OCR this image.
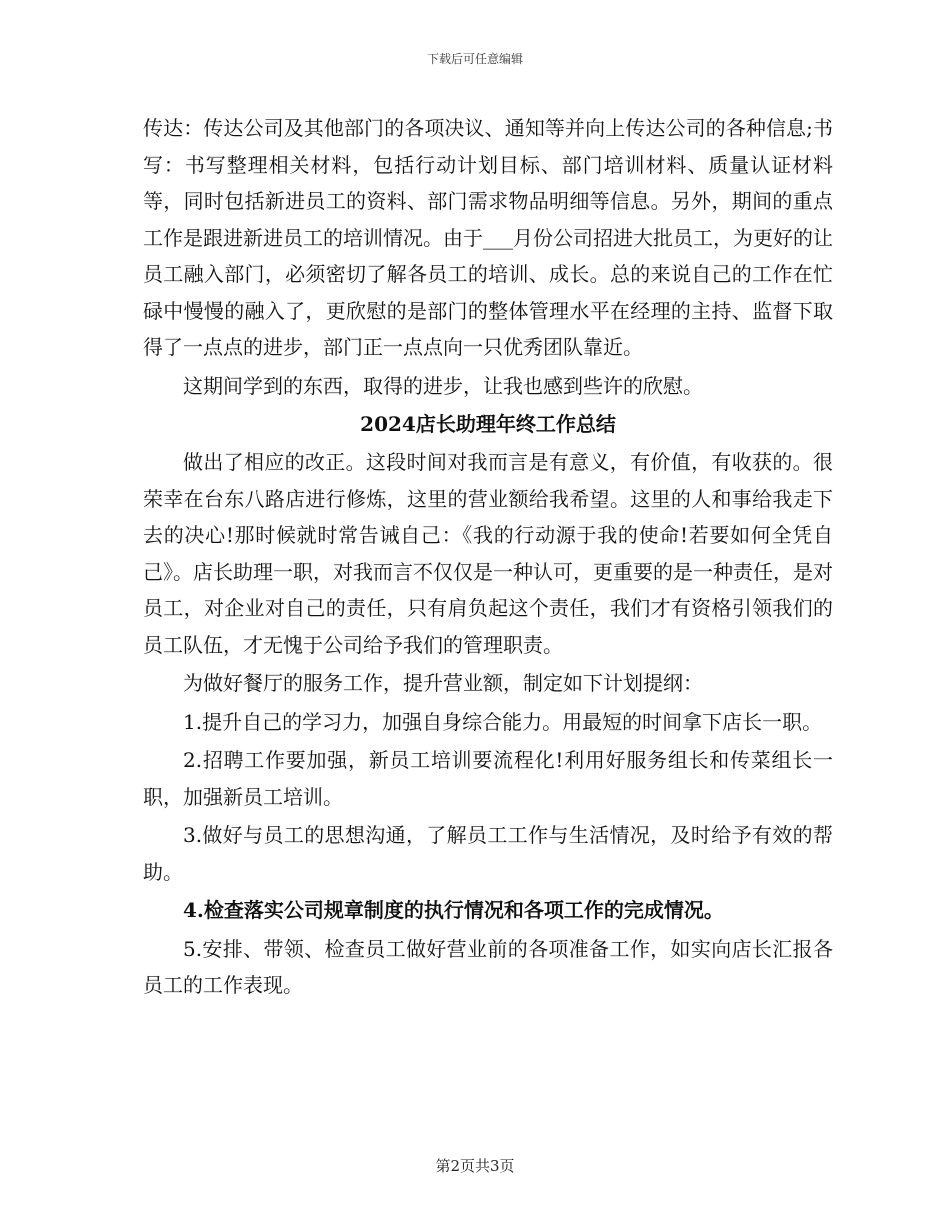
下载后可任意编辑

传达：传达公司及其他部门的各项决议、通知等并向上传达公司的各种信息;书写：书写整理相关材料，包括行动计划目标、部门培训材料、质量认证材料等，同时包括新进员工的资料、部门需求物品明细等信息。另外，期间的重点工作是跟进新进员工的培训情况。由于___月份公司招进大批员工，为更好的让员工融入部门，必须密切了解各员工的培训、成长。总的来说自己的工作在忙碌中慢慢的融入了，更欣慰的是部门的整体管理水平在经理的主持、监督下取得了一点点的进步，部门正一点点向一只优秀团队靠近。

这期间学到的东西，取得的进步，让我也感到些许的欣慰。

2024店长助理年终工作总结

做出了相应的改正。这段时间对我而言是有意义，有价值，有收获的。很荣幸在台东八路店进行修炼，这里的营业额给我希望。这里的人和事给我走下去的决心!那时候就时常告诫自己：《我的行动源于我的使命!若要如何全凭自己》。店长助理一职，对我而言不仅仅是一种认可，更重要的是一种责任，是对员工，对企业对自己的责任，只有肩负起这个责任，我们才有资格引领我们的员工队伍，才无愧于公司给予我们的管理职责。

为做好餐厅的服务工作，提升营业额，制定如下计划提纲：

1.提升自己的学习力，加强自身综合能力。用最短的时间拿下店长一职。

2.招聘工作要加强，新员工培训要流程化!利用好服务组长和传菜组长一职，加强新员工培训。

3.做好与员工的思想沟通，了解员工工作与生活情况，及时给予有效的帮助。

4.检查落实公司规章制度的执行情况和各项工作的完成情况。

5.安排、带领、检查员工做好营业前的各项准备工作，如实向店长汇报各员工的工作表现。

第2页共3页
